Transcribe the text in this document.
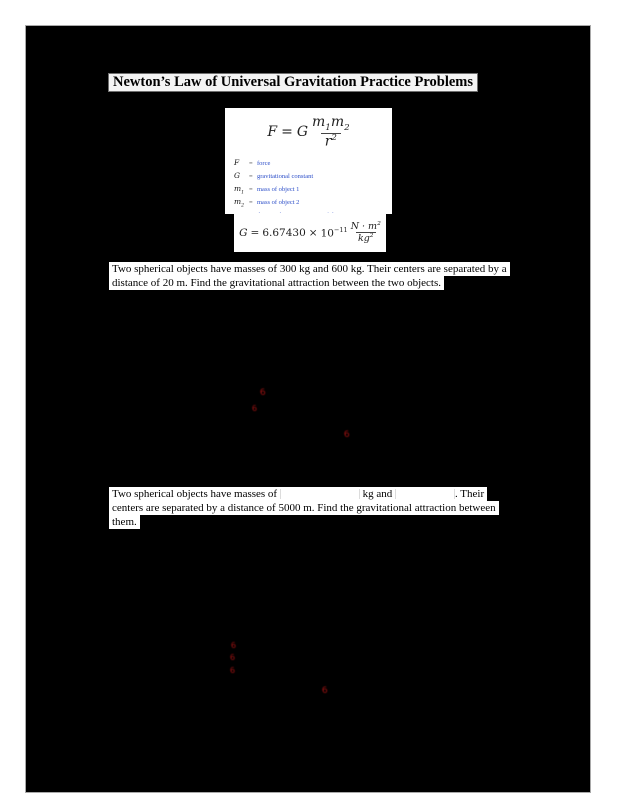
Newton’s Law of Universal Gravitation Practice Problems
F = G $\frac{m_1m_2}{r^2}$
F	= force
G	= gravitational constant
$m_1$ = mass of object 1
$m_2$ = mass of object 2
$G = 6.67430 \times 10^{-11} \frac{N \cdot m^2}{kg^2}$
Two spherical objects have masses of 300 kg and 600 kg. Their centers are separated by a
distance of 20 m. Find the gravitational attraction between the two objects.
6
6
6
Two spherical objects have masses of	kg and	. Their
centers are separated by a distance of 5000 m. Find the gravitational attraction between
them.
6
6
6
6
